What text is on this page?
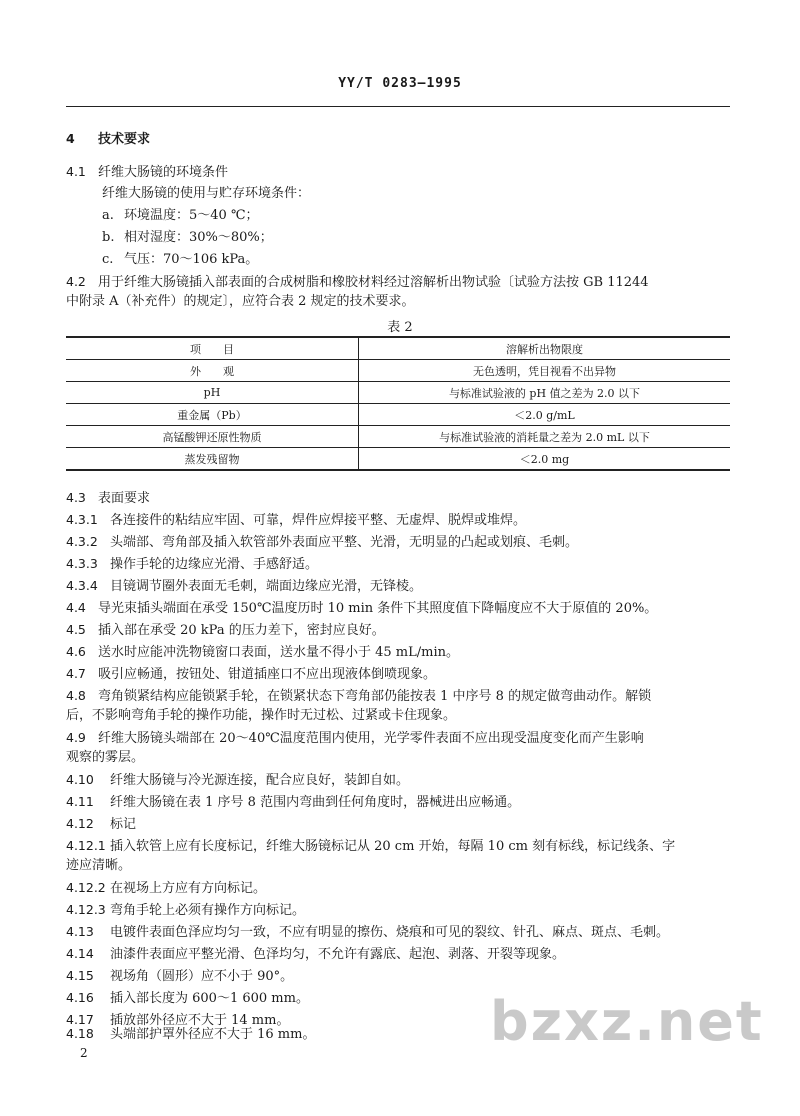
YY/T 0283—1995
4 技术要求
4.1 纤维大肠镜的环境条件
纤维大肠镜的使用与贮存环境条件：
a. 环境温度：5～40 ℃；
b. 相对湿度：30%～80%；
c. 气压：70～106 kPa。
4.2 用于纤维大肠镜插入部表面的合成树脂和橡胶材料经过溶解析出物试验〔试验方法按 GB 11244
中附录 A（补充件）的规定〕，应符合表 2 规定的技术要求。
表 2
项　　目	溶解析出物限度
外　　观	无色透明，凭目视看不出异物
pH	与标准试验液的 pH 值之差为 2.0 以下
重金属（Pb）	＜2.0 g/mL
高锰酸钾还原性物质	与标准试验液的消耗量之差为 2.0 mL 以下
蒸发残留物	＜2.0 mg
4.3 表面要求
4.3.1 各连接件的粘结应牢固、可靠，焊件应焊接平整、无虚焊、脱焊或堆焊。
4.3.2 头端部、弯角部及插入软管部外表面应平整、光滑，无明显的凸起或划痕、毛刺。
4.3.3 操作手轮的边缘应光滑、手感舒适。
4.3.4 目镜调节圈外表面无毛刺，端面边缘应光滑，无锋棱。
4.4 导光束插头端面在承受 150℃温度历时 10 min 条件下其照度值下降幅度应不大于原值的 20%。
4.5 插入部在承受 20 kPa 的压力差下，密封应良好。
4.6 送水时应能冲洗物镜窗口表面，送水量不得小于 45 mL/min。
4.7 吸引应畅通，按钮处、钳道插座口不应出现液体倒喷现象。
4.8 弯角锁紧结构应能锁紧手轮，在锁紧状态下弯角部仍能按表 1 中序号 8 的规定做弯曲动作。解锁
后，不影响弯角手轮的操作功能，操作时无过松、过紧或卡住现象。
4.9 纤维大肠镜头端部在 20～40℃温度范围内使用，光学零件表面不应出现受温度变化而产生影响
观察的雾层。
4.10 纤维大肠镜与冷光源连接，配合应良好，装卸自如。
4.11 纤维大肠镜在表 1 序号 8 范围内弯曲到任何角度时，器械进出应畅通。
4.12 标记
4.12.1 插入软管上应有长度标记，纤维大肠镜标记从 20 cm 开始，每隔 10 cm 刻有标线，标记线条、字
迹应清晰。
4.12.2 在视场上方应有方向标记。
4.12.3 弯角手轮上必须有操作方向标记。
4.13 电镀件表面色泽应均匀一致，不应有明显的擦伤、烧痕和可见的裂纹、针孔、麻点、斑点、毛刺。
4.14 油漆件表面应平整光滑、色泽均匀，不允许有露底、起泡、剥落、开裂等现象。
4.15 视场角（圆形）应不小于 90°。
4.16 插入部长度为 600～1 600 mm。
4.17 插放部外径应不大于 14 mm。
4.18 头端部护罩外径应不大于 16 mm。
2	bzxz.net
